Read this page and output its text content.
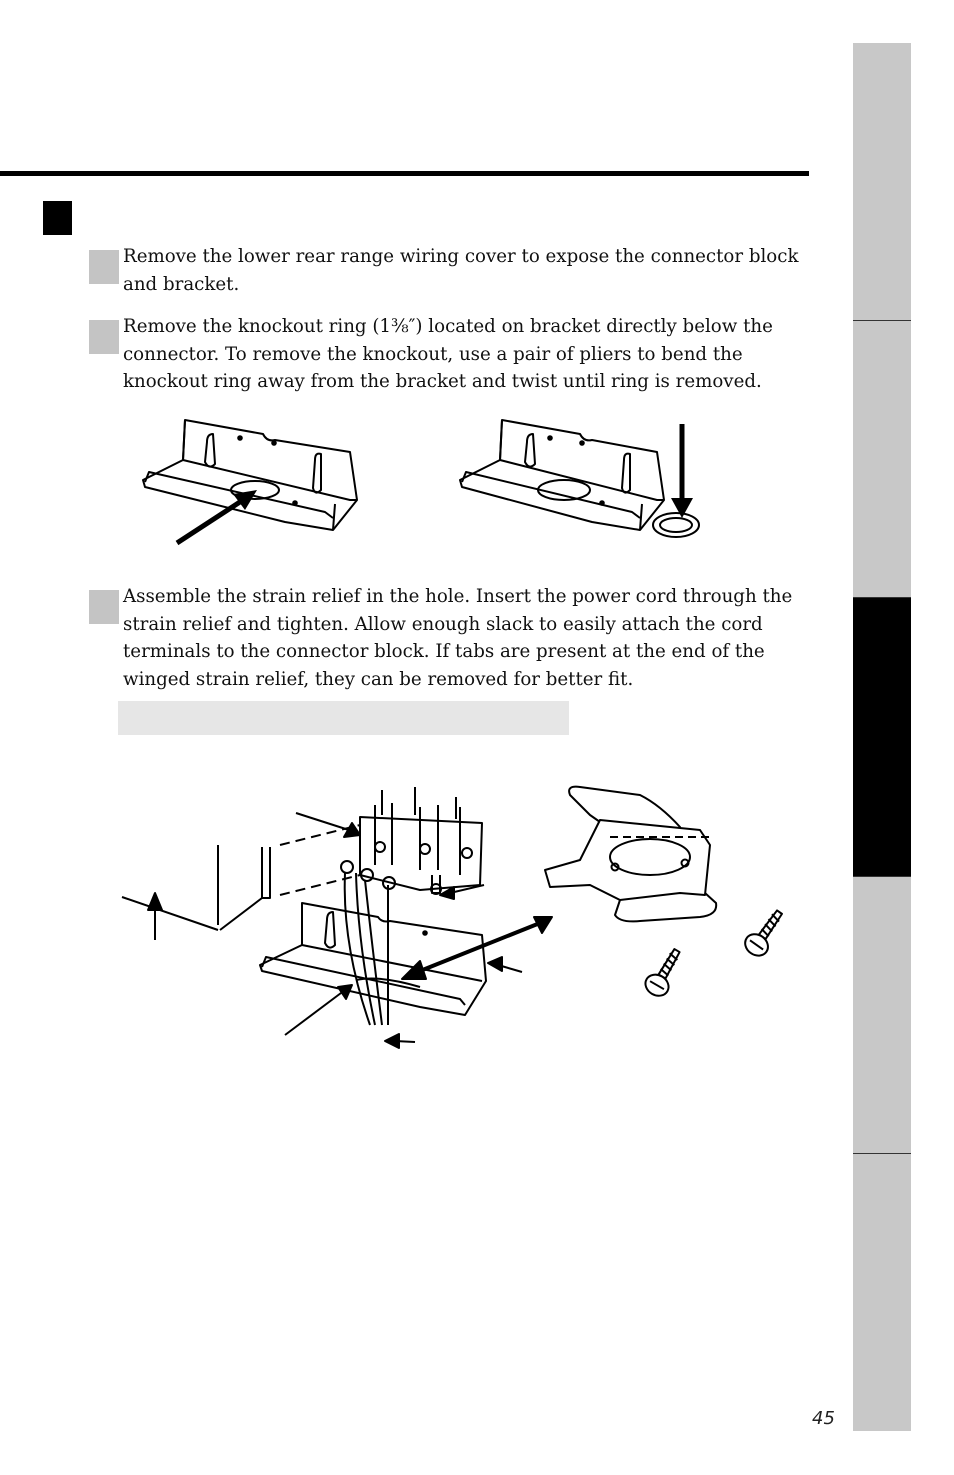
Remove the lower rear range wiring cover to expose the connector block and bracket.
Remove the knockout ring (1⅜″) located on bracket directly below the connector. To remove the knockout, use a pair of pliers to bend the knockout ring away from the bracket and twist until ring is removed.
Assemble the strain relief in the hole. Insert the power cord through the strain relief and tighten. Allow enough slack to easily attach the cord terminals to the connector block. If tabs are present at the end of the winged strain relief, they can be removed for better fit.
45
